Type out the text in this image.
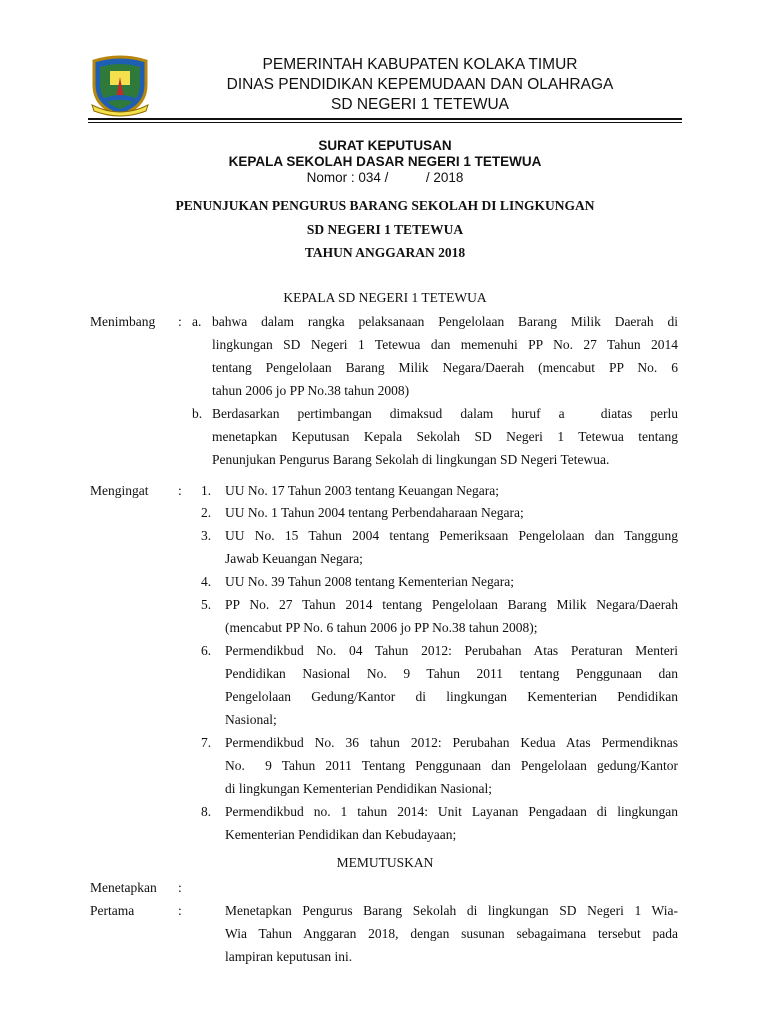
PEMERINTAH KABUPATEN KOLAKA TIMUR
DINAS PENDIDIKAN KEPEMUDAAN DAN OLAHRAGA
SD NEGERI 1 TETEWUA
SURAT KEPUTUSAN
KEPALA SEKOLAH DASAR NEGERI 1 TETEWUA
Nomor : 034 /          / 2018
PENUNJUKAN PENGURUS BARANG SEKOLAH DI LINGKUNGAN
SD NEGERI 1 TETEWUA
TAHUN ANGGARAN 2018
KEPALA SD NEGERI 1 TETEWUA
Menimbang : a. bahwa dalam rangka pelaksanaan Pengelolaan Barang Milik Daerah di
lingkungan SD Negeri 1 Tetewua dan memenuhi PP No. 27 Tahun 2014
tentang Pengelolaan Barang Milik Negara/Daerah (mencabut PP No. 6
tahun 2006 jo PP No.38 tahun 2008)
b. Berdasarkan pertimbangan dimaksud dalam huruf a  diatas perlu
menetapkan Keputusan Kepala Sekolah SD Negeri 1 Tetewua tentang
Penunjukan Pengurus Barang Sekolah di lingkungan SD Negeri Tetewua.
Mengingat : 1. UU No. 17 Tahun 2003 tentang Keuangan Negara;
2. UU No. 1 Tahun 2004 tentang Perbendaharaan Negara;
3. UU No. 15 Tahun 2004 tentang Pemeriksaan Pengelolaan dan Tanggung
Jawab Keuangan Negara;
4. UU No. 39 Tahun 2008 tentang Kementerian Negara;
5. PP No. 27 Tahun 2014 tentang Pengelolaan Barang Milik Negara/Daerah
(mencabut PP No. 6 tahun 2006 jo PP No.38 tahun 2008);
6. Permendikbud No. 04 Tahun 2012: Perubahan Atas Peraturan Menteri
Pendidikan Nasional No. 9 Tahun 2011 tentang Penggunaan dan
Pengelolaan Gedung/Kantor di lingkungan Kementerian Pendidikan
Nasional;
7. Permendikbud No. 36 tahun 2012: Perubahan Kedua Atas Permendiknas
No.  9 Tahun 2011 Tentang Penggunaan dan Pengelolaan gedung/Kantor
di lingkungan Kementerian Pendidikan Nasional;
8. Permendikbud no. 1 tahun 2014: Unit Layanan Pengadaan di lingkungan
Kementerian Pendidikan dan Kebudayaan;
MEMUTUSKAN
Menetapkan :
Pertama	:	Menetapkan Pengurus Barang Sekolah di lingkungan SD Negeri 1 Wia-
Wia Tahun Anggaran 2018, dengan susunan sebagaimana tersebut pada
lampiran keputusan ini.
